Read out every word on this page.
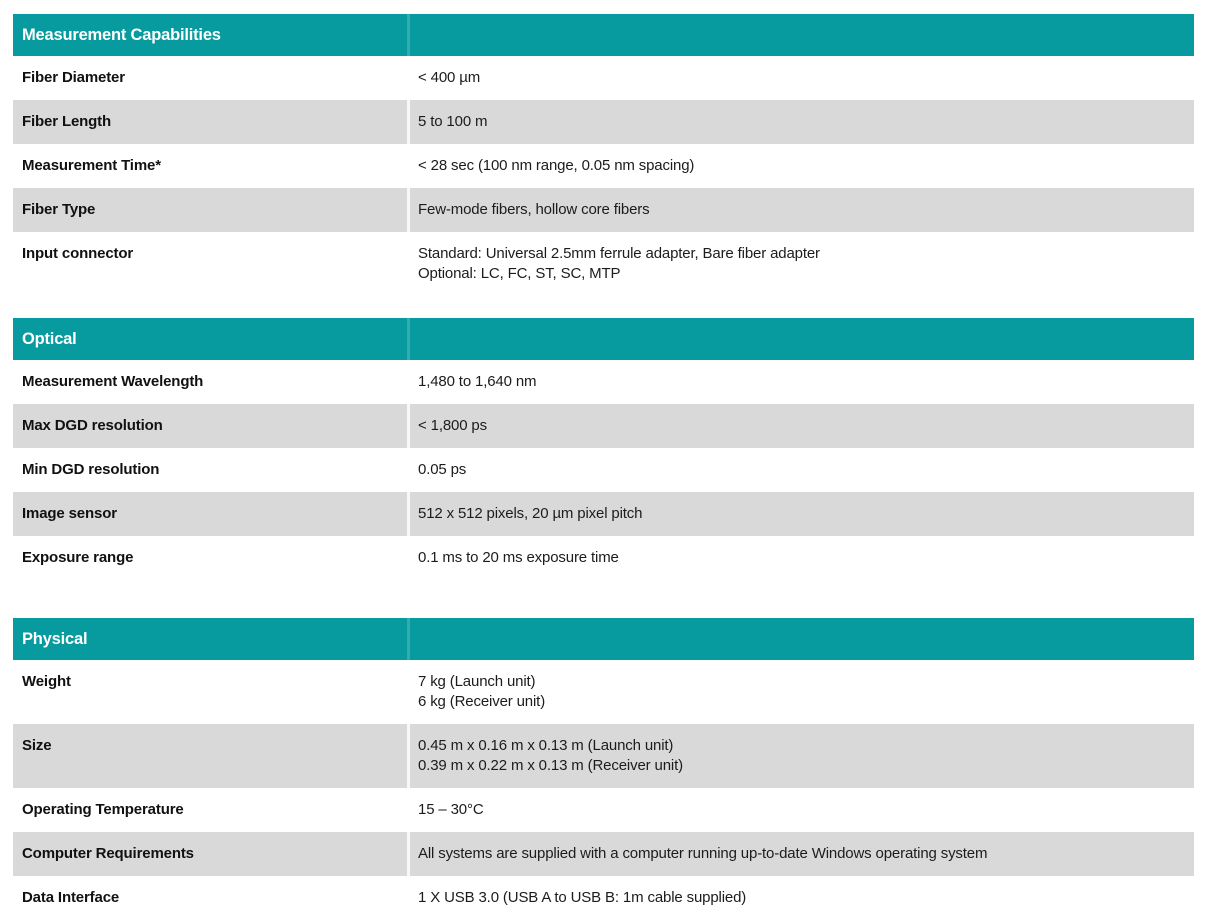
Measurement Capabilities
Fiber Diameter	< 400 µm
Fiber Length	5 to 100 m
Measurement Time*	< 28 sec (100 nm range, 0.05 nm spacing)
Fiber Type	Few-mode fibers, hollow core fibers
Input connector	Standard: Universal 2.5mm ferrule adapter, Bare fiber adapter
Optional: LC, FC, ST, SC, MTP
Optical
Measurement Wavelength	1,480 to 1,640 nm
Max DGD resolution	< 1,800 ps
Min DGD resolution	0.05 ps
Image sensor	512 x 512 pixels, 20 µm pixel pitch
Exposure range	0.1 ms to 20 ms exposure time
Physical
Weight	7 kg (Launch unit)
6 kg (Receiver unit)
Size	0.45 m x 0.16 m x 0.13 m (Launch unit)
0.39 m x 0.22 m x 0.13 m (Receiver unit)
Operating Temperature	15 – 30°C
Computer Requirements	All systems are supplied with a computer running up-to-date Windows operating system
Data Interface	1 X USB 3.0 (USB A to USB B: 1m cable supplied)
